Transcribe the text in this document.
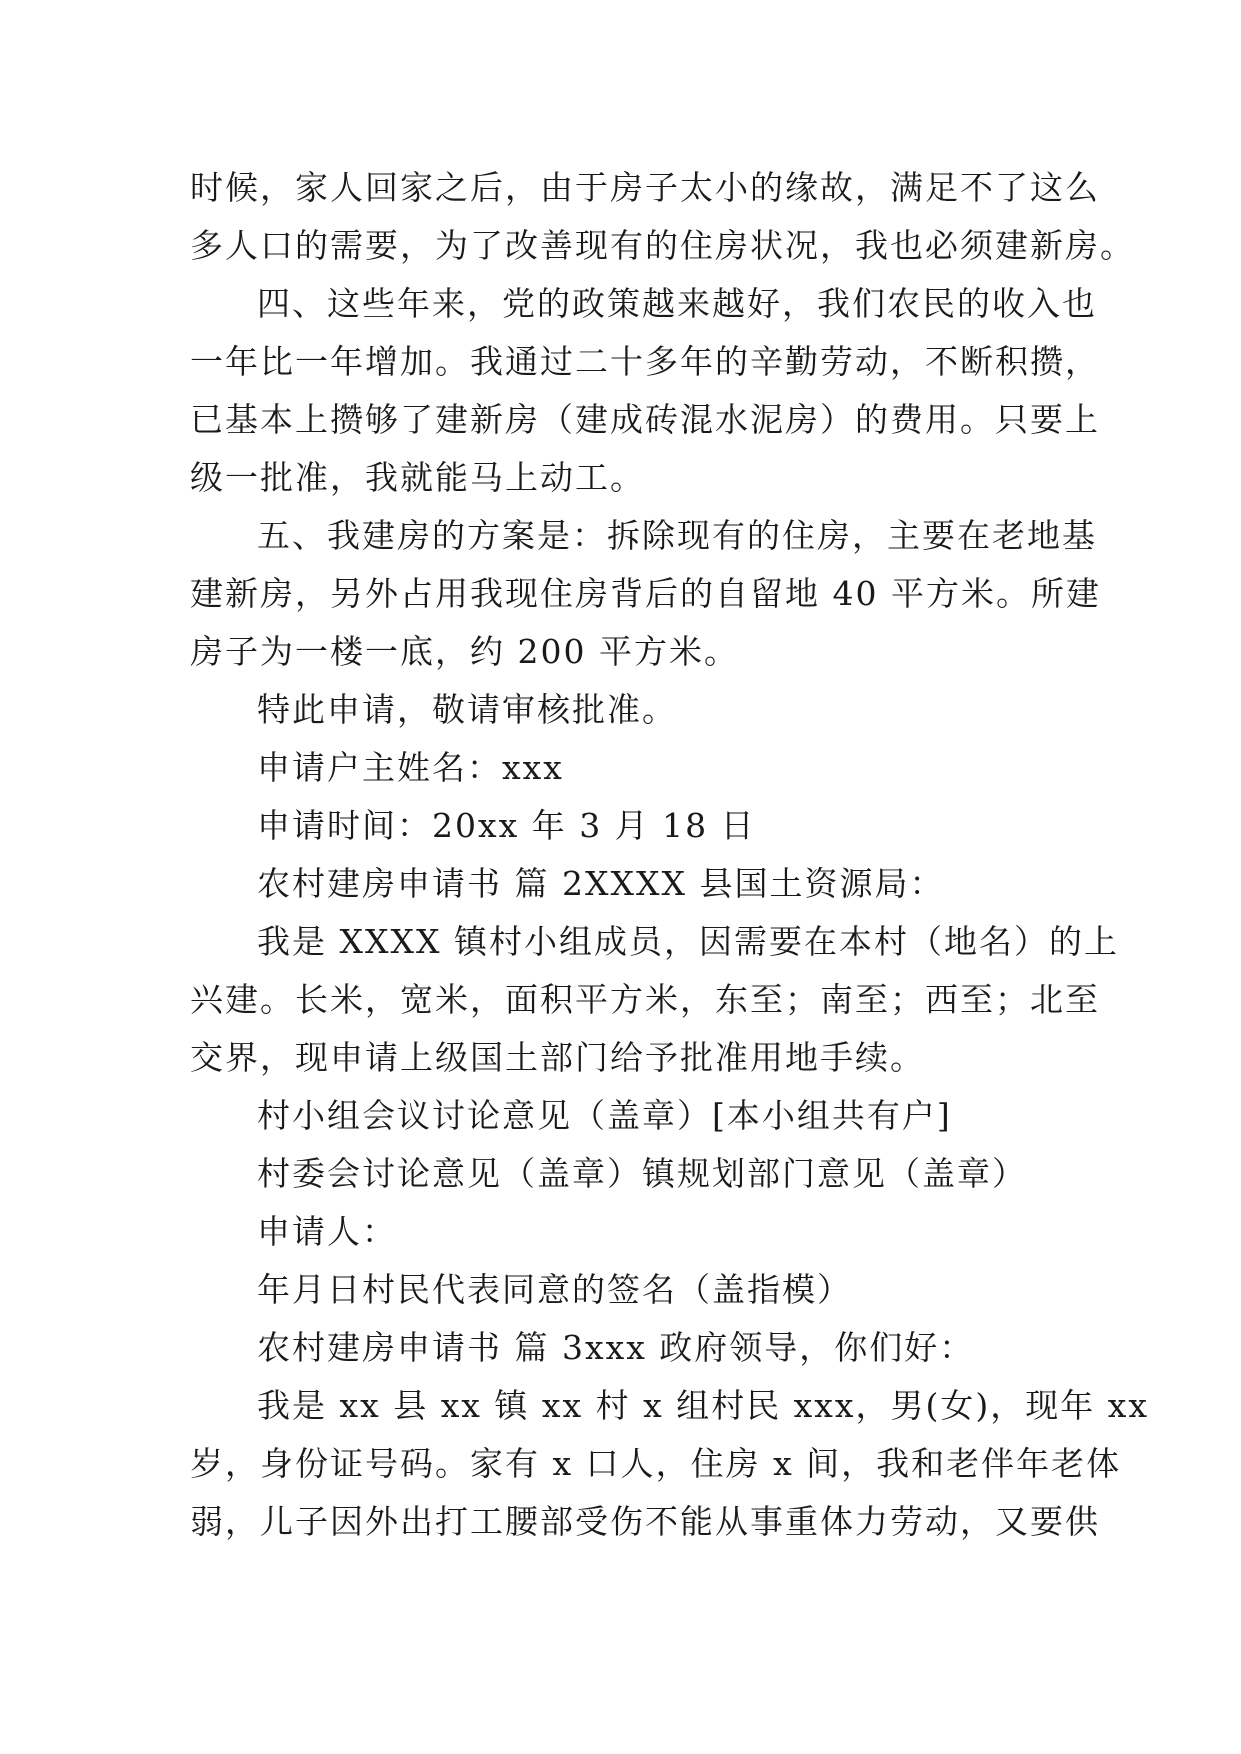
时候，家人回家之后，由于房子太小的缘故，满足不了这么
多人口的需要，为了改善现有的住房状况，我也必须建新房。
四、这些年来，党的政策越来越好，我们农民的收入也
一年比一年增加。我通过二十多年的辛勤劳动，不断积攒，
已基本上攒够了建新房（建成砖混水泥房）的费用。只要上
级一批准，我就能马上动工。
五、我建房的方案是：拆除现有的住房，主要在老地基
建新房，另外占用我现住房背后的自留地 40 平方米。所建
房子为一楼一底，约 200 平方米。
特此申请，敬请审核批准。
申请户主姓名：xxx
申请时间：20xx 年 3 月 18 日
农村建房申请书 篇 2XXXX 县国土资源局：
我是 XXXX 镇村小组成员，因需要在本村（地名）的上
兴建。长米，宽米，面积平方米，东至；南至；西至；北至
交界，现申请上级国土部门给予批准用地手续。
村小组会议讨论意见（盖章）[本小组共有户]
村委会讨论意见（盖章）镇规划部门意见（盖章）
申请人：
年月日村民代表同意的签名（盖指模）
农村建房申请书 篇 3xxx 政府领导，你们好：
我是 xx 县 xx 镇 xx 村 x 组村民 xxx，男(女)，现年 xx
岁，身份证号码。家有 x 口人，住房 x 间，我和老伴年老体
弱，儿子因外出打工腰部受伤不能从事重体力劳动，又要供
